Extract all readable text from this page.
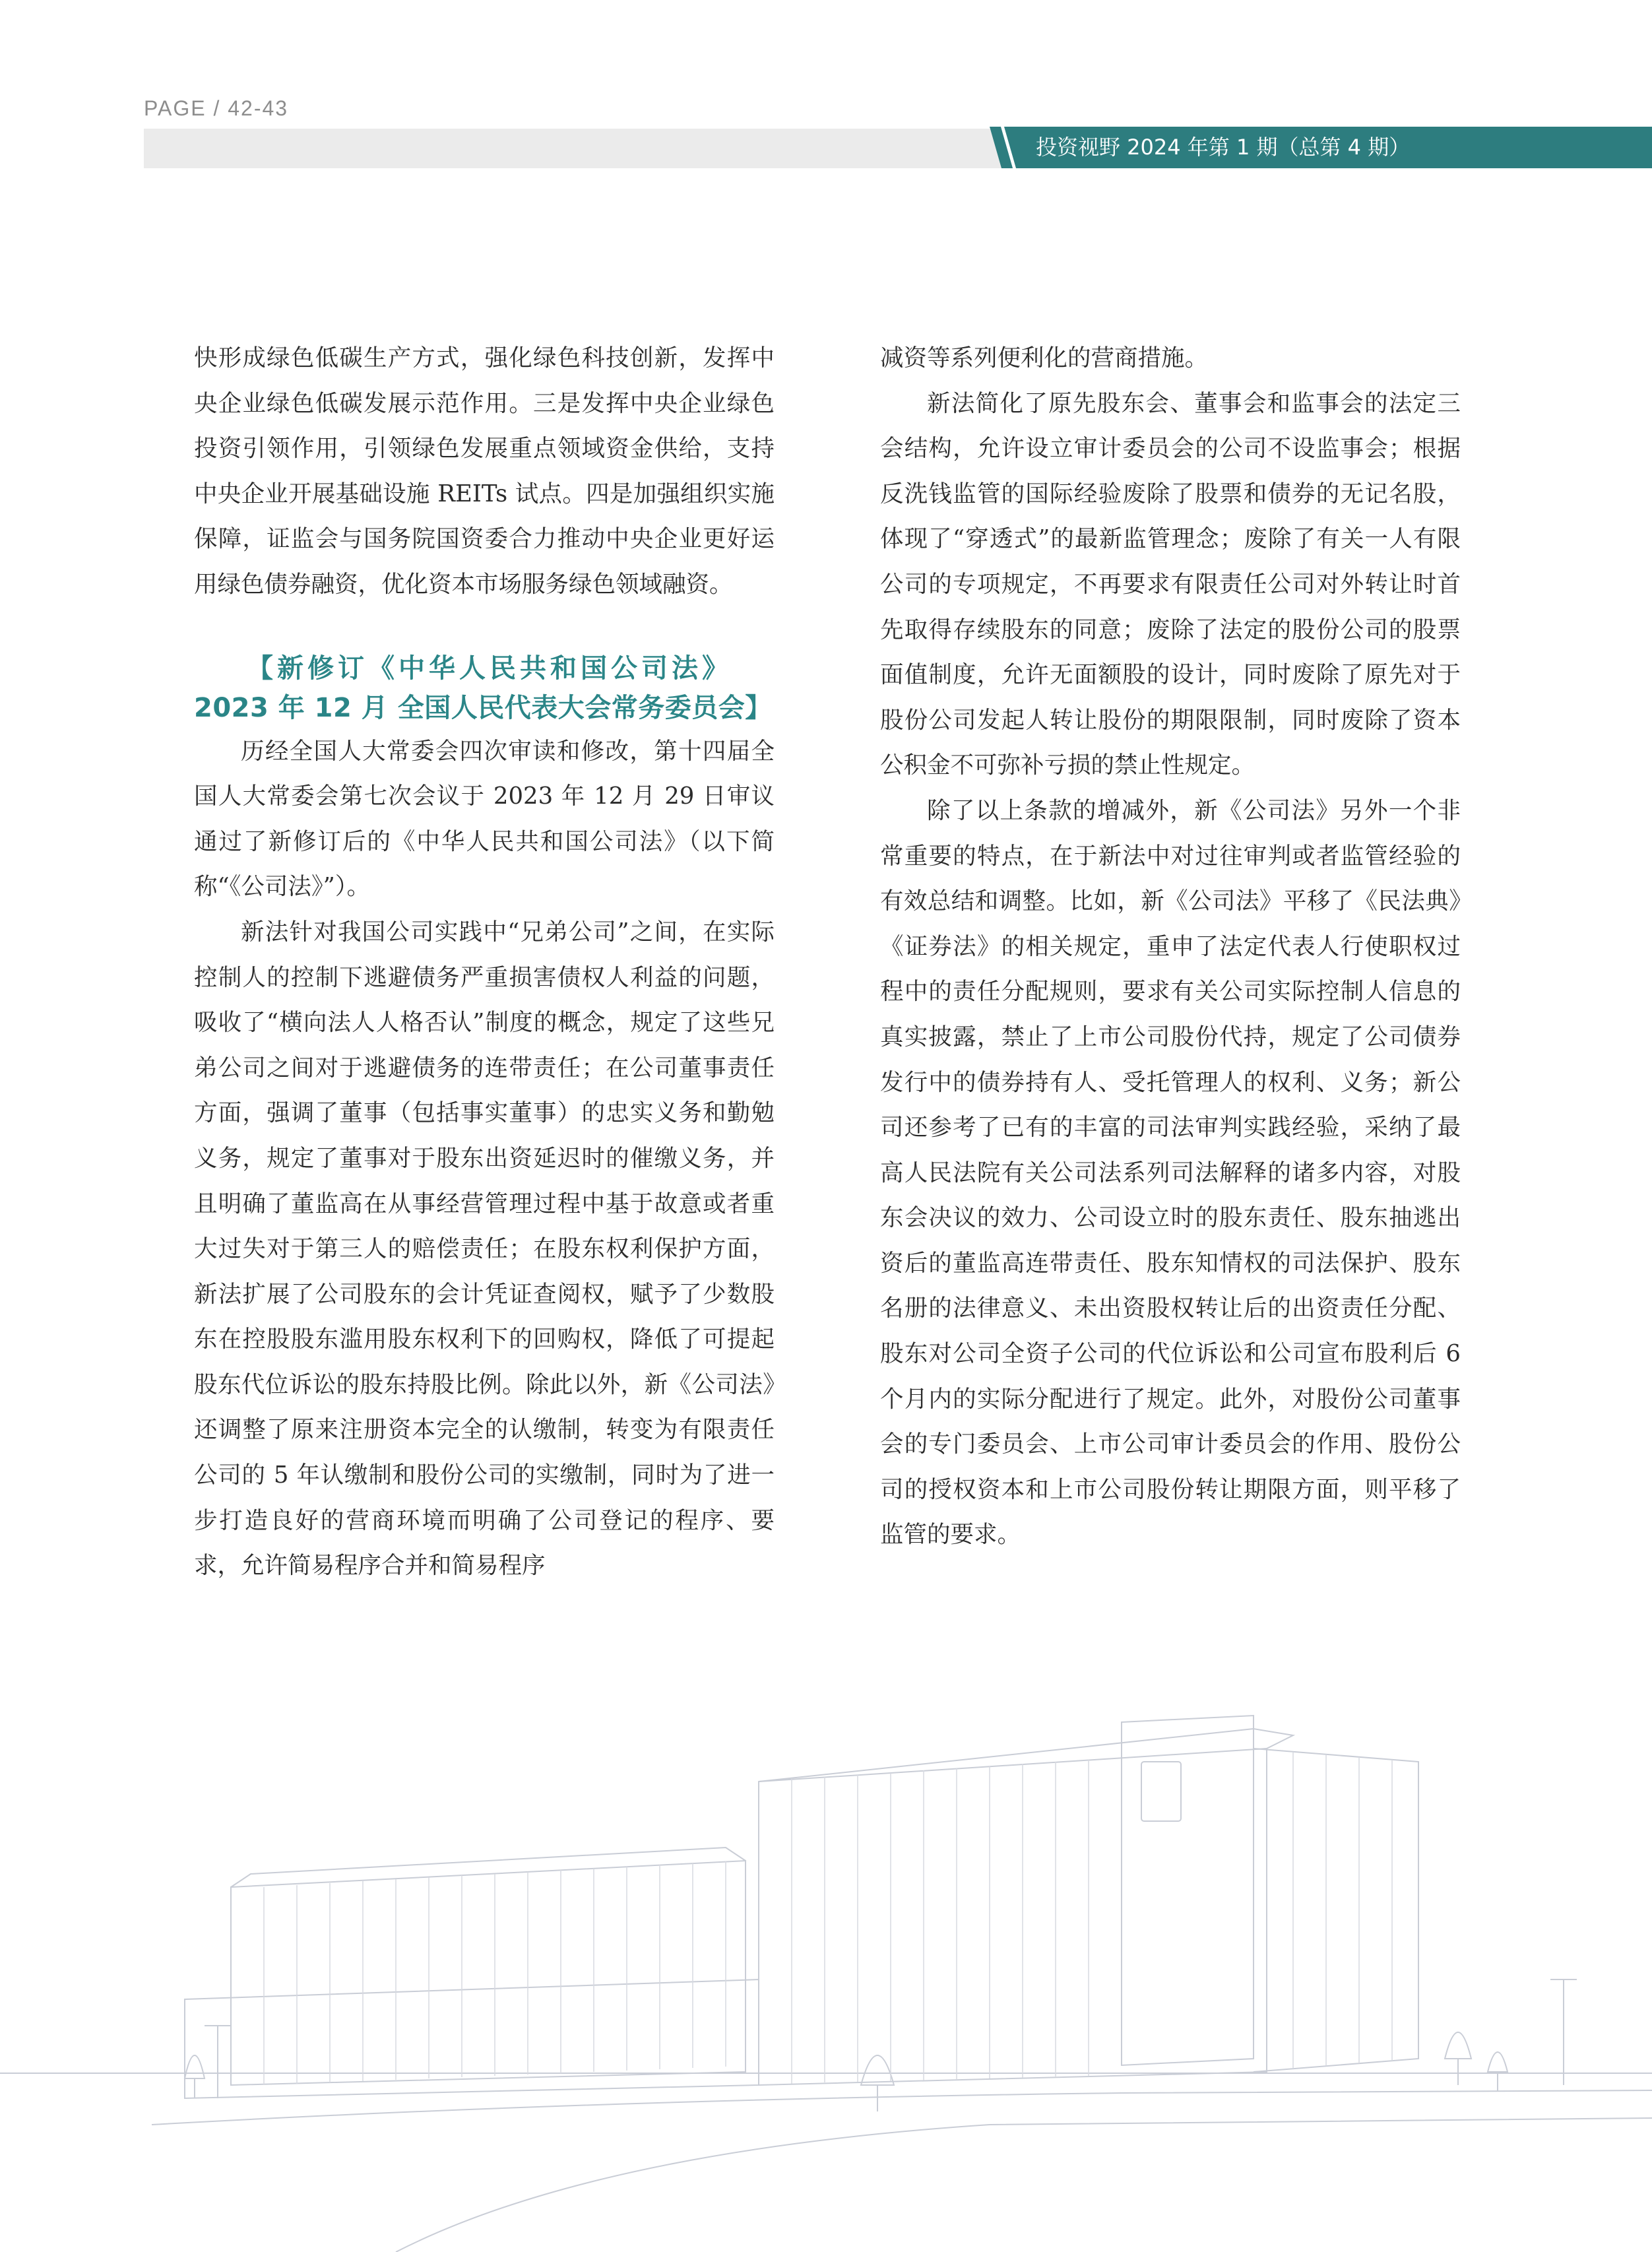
PAGE / 42-43
投资视野 2024 年第 1 期（总第 4 期）

快形成绿色低碳生产方式，强化绿色科技创新，发挥中央企业绿色低碳发展示范作用。三是发挥中央企业绿色投资引领作用，引领绿色发展重点领域资金供给，支持中央企业开展基础设施 REITs 试点。四是加强组织实施保障，证监会与国务院国资委合力推动中央企业更好运用绿色债券融资，优化资本市场服务绿色领域融资。

【新修订《中华人民共和国公司法》
2023 年 12 月 全国人民代表大会常务委员会】

历经全国人大常委会四次审读和修改，第十四届全国人大常委会第七次会议于 2023 年 12 月 29 日审议通过了新修订后的《中华人民共和国公司法》（以下简称“《公司法》”）。

新法针对我国公司实践中“兄弟公司”之间，在实际控制人的控制下逃避债务严重损害债权人利益的问题，吸收了“横向法人人格否认”制度的概念，规定了这些兄弟公司之间对于逃避债务的连带责任；在公司董事责任方面，强调了董事（包括事实董事）的忠实义务和勤勉义务，规定了董事对于股东出资延迟时的催缴义务，并且明确了董监高在从事经营管理过程中基于故意或者重大过失对于第三人的赔偿责任；在股东权利保护方面，新法扩展了公司股东的会计凭证查阅权，赋予了少数股东在控股股东滥用股东权利下的回购权，降低了可提起股东代位诉讼的股东持股比例。除此以外，新《公司法》还调整了原来注册资本完全的认缴制，转变为有限责任公司的 5 年认缴制和股份公司的实缴制，同时为了进一步打造良好的营商环境而明确了公司登记的程序、要求，允许简易程序合并和简易程序

减资等系列便利化的营商措施。

新法简化了原先股东会、董事会和监事会的法定三会结构，允许设立审计委员会的公司不设监事会；根据反洗钱监管的国际经验废除了股票和债券的无记名股，体现了“穿透式”的最新监管理念；废除了有关一人有限公司的专项规定，不再要求有限责任公司对外转让时首先取得存续股东的同意；废除了法定的股份公司的股票面值制度，允许无面额股的设计，同时废除了原先对于股份公司发起人转让股份的期限限制，同时废除了资本公积金不可弥补亏损的禁止性规定。

除了以上条款的增减外，新《公司法》另外一个非常重要的特点，在于新法中对过往审判或者监管经验的有效总结和调整。比如，新《公司法》平移了《民法典》《证券法》的相关规定，重申了法定代表人行使职权过程中的责任分配规则，要求有关公司实际控制人信息的真实披露，禁止了上市公司股份代持，规定了公司债券发行中的债券持有人、受托管理人的权利、义务；新公司还参考了已有的丰富的司法审判实践经验，采纳了最高人民法院有关公司法系列司法解释的诸多内容，对股东会决议的效力、公司设立时的股东责任、股东抽逃出资后的董监高连带责任、股东知情权的司法保护、股东名册的法律意义、未出资股权转让后的出资责任分配、股东对公司全资子公司的代位诉讼和公司宣布股利后 6 个月内的实际分配进行了规定。此外，对股份公司董事会的专门委员会、上市公司审计委员会的作用、股份公司的授权资本和上市公司股份转让期限方面，则平移了监管的要求。
